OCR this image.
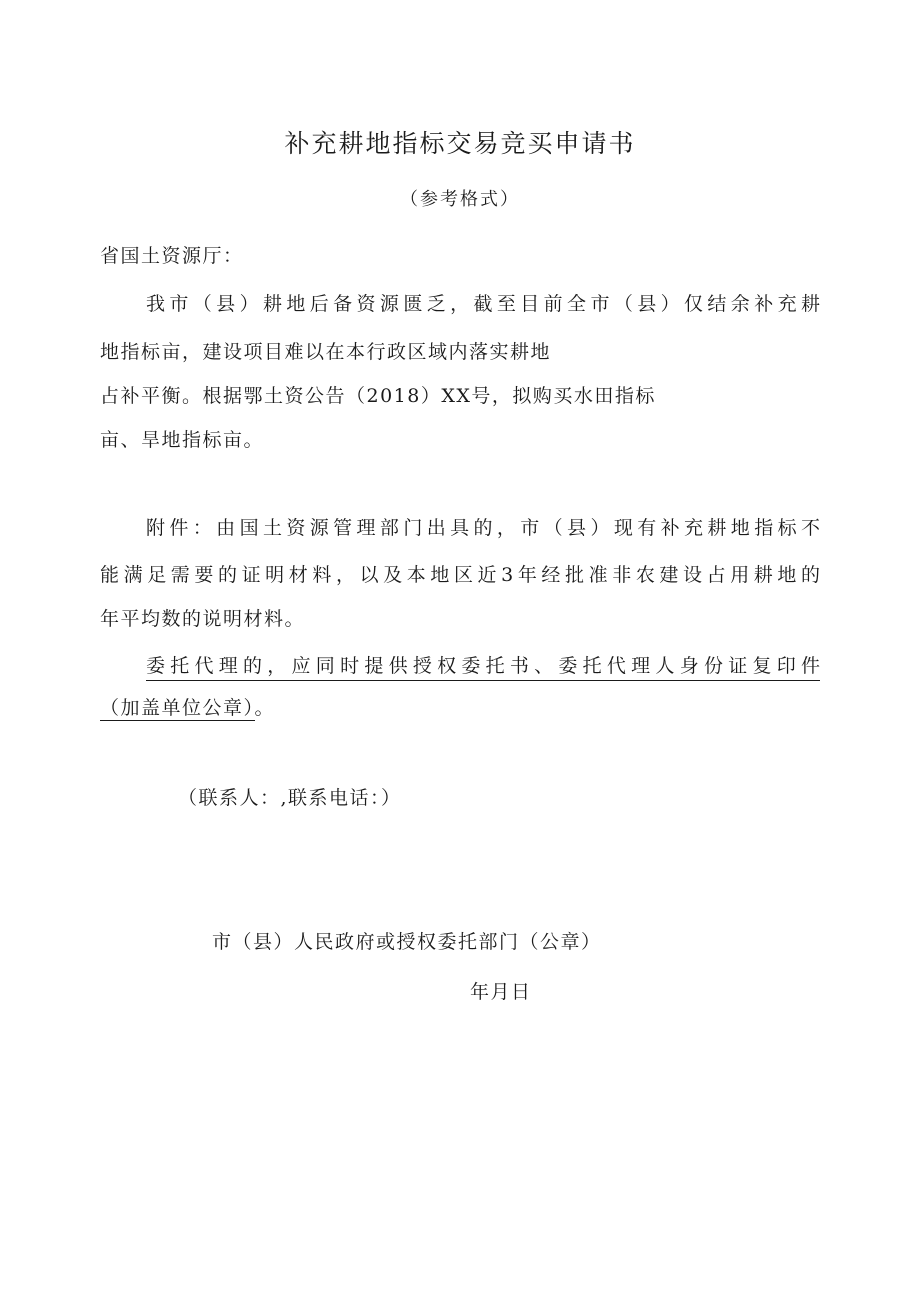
补充耕地指标交易竞买申请书
（参考格式）
省国土资源厅：
我市（县）耕地后备资源匮乏，截至目前全市（县）仅结余补充耕
地指标亩，建设项目难以在本行政区域内落实耕地
占补平衡。根据鄂土资公告（2018）XX号，拟购买水田指标
亩、旱地指标亩。
附件：由国土资源管理部门出具的，市（县）现有补充耕地指标不
能满足需要的证明材料，以及本地区近3年经批准非农建设占用耕地的
年平均数的说明材料。
委托代理的，应同时提供授权委托书、委托代理人身份证复印件
（加盖单位公章）。
（联系人：,联系电话：）
市（县）人民政府或授权委托部门（公章）
年月日
